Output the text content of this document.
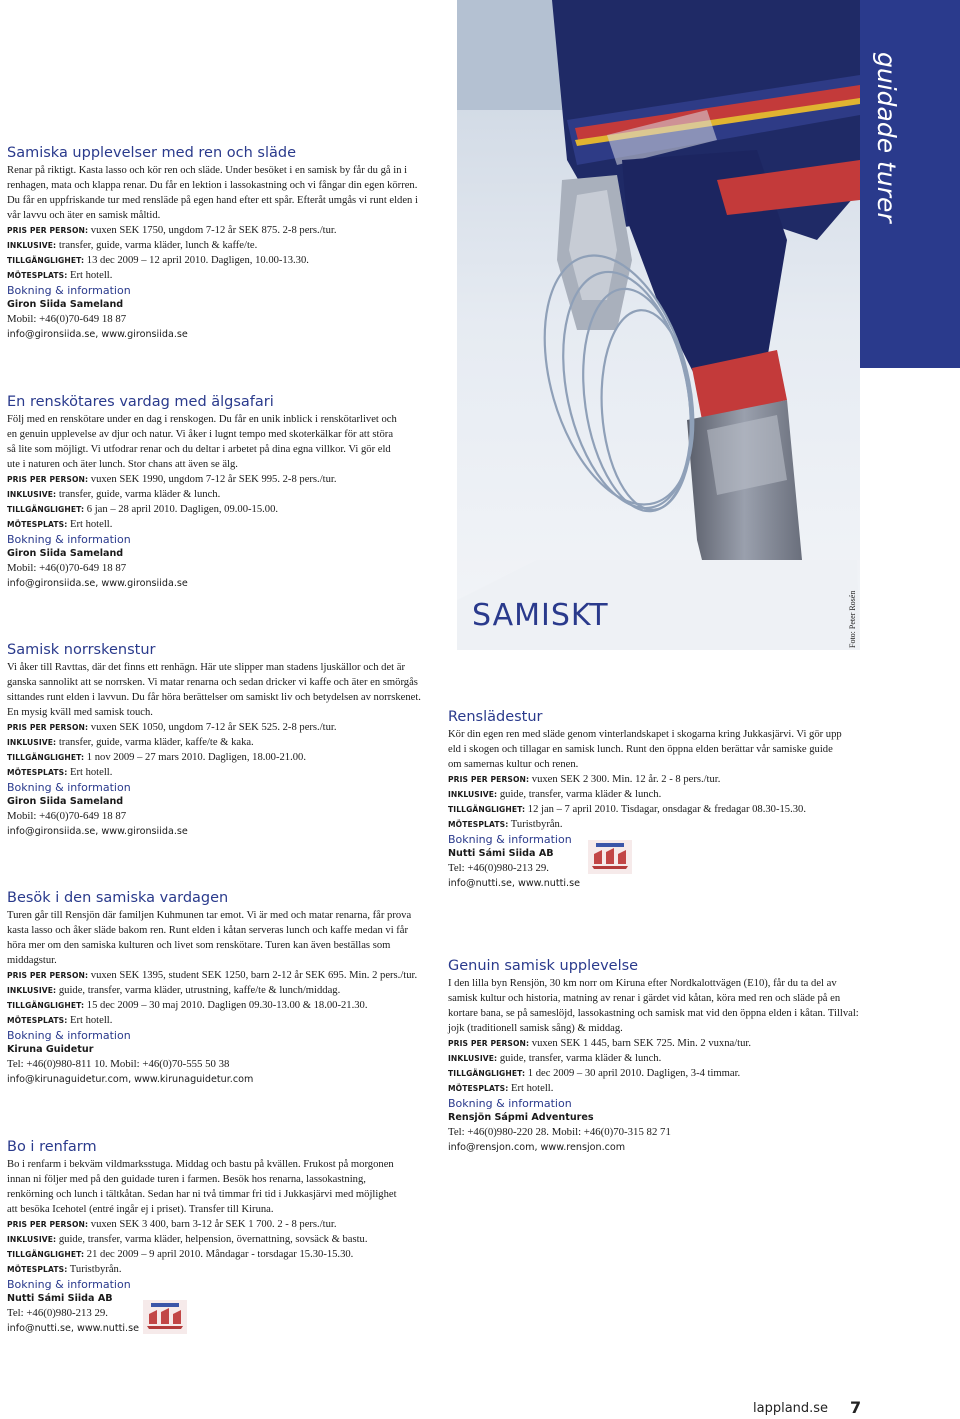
guidade turer
SAMISKT	Foto: Peter Rosén
Samiska upplevelser med ren och släde

Renar på riktigt. Kasta lasso och kör ren och släde. Under besöket i en samisk by får du gå in i renhagen, mata och klappa renar. Du får en lektion i lassokastning och vi fångar din egen körren. Du får en uppfriskande tur med rensläde på egen hand efter ett spår. Efteråt umgås vi runt elden i vår lavvu och äter en samisk måltid.

PRIS PER PERSON: vuxen SEK 1750, ungdom 7-12 år SEK 875. 2-8 pers./tur.

INKLUSIVE: transfer, guide, varma kläder, lunch & kaffe/te.

TILLGÄNGLIGHET: 13 dec 2009 – 12 april 2010. Dagligen, 10.00-13.30.

MÖTESPLATS: Ert hotell.

Bokning & information

Giron Siida Sameland

Mobil: +46(0)70-649 18 87

info@gironsiida.se, www.gironsiida.se

En renskötares vardag med älgsafari

Följ med en renskötare under en dag i renskogen. Du får en unik inblick i renskötarlivet och en genuin upplevelse av djur och natur. Vi åker i lugnt tempo med skoterkälkar för att störa så lite som möjligt. Vi utfodrar renar och du deltar i arbetet på dina egna villkor. Vi gör eld ute i naturen och äter lunch. Stor chans att även se älg.

PRIS PER PERSON: vuxen SEK 1990, ungdom 7-12 år SEK 995. 2-8 pers./tur.

INKLUSIVE: transfer, guide, varma kläder & lunch.

TILLGÄNGLIGHET: 6 jan – 28 april 2010. Dagligen, 09.00-15.00.

MÖTESPLATS: Ert hotell.

Bokning & information

Giron Siida Sameland

Mobil: +46(0)70-649 18 87

info@gironsiida.se, www.gironsiida.se

Samisk norrskenstur

Vi åker till Ravttas, där det finns ett renhägn. Här ute slipper man stadens ljuskällor och det är ganska sannolikt att se norrsken. Vi matar renarna och sedan dricker vi kaffe och äter en smörgås sittandes runt elden i lavvun. Du får höra berättelser om samiskt liv och betydelsen av norrskenet. En mysig kväll med samisk touch.

PRIS PER PERSON: vuxen SEK 1050, ungdom 7-12 år SEK 525. 2-8 pers./tur.

INKLUSIVE: transfer, guide, varma kläder, kaffe/te & kaka.

TILLGÄNGLIGHET: 1 nov 2009 – 27 mars 2010. Dagligen, 18.00-21.00.

MÖTESPLATS: Ert hotell.

Bokning & information

Giron Siida Sameland

Mobil: +46(0)70-649 18 87

info@gironsiida.se, www.gironsiida.se

Besök i den samiska vardagen

Turen går till Rensjön där familjen Kuhmunen tar emot. Vi är med och matar renarna, får prova kasta lasso och åker släde bakom ren. Runt elden i kåtan serveras lunch och kaffe medan vi får höra mer om den samiska kulturen och livet som renskötare. Turen kan även beställas som middagstur.

PRIS PER PERSON: vuxen SEK 1395, student SEK 1250, barn 2-12 år SEK 695. Min. 2 pers./tur.

INKLUSIVE: guide, transfer, varma kläder, utrustning, kaffe/te & lunch/middag.

TILLGÄNGLIGHET: 15 dec 2009 – 30 maj 2010. Dagligen 09.30-13.00 & 18.00-21.30.

MÖTESPLATS: Ert hotell.

Bokning & information

Kiruna Guidetur

Tel: +46(0)980-811 10. Mobil: +46(0)70-555 50 38

info@kirunaguidetur.com, www.kirunaguidetur.com

Bo i renfarm

Bo i renfarm i bekväm vildmarksstuga. Middag och bastu på kvällen. Frukost på morgonen innan ni följer med på den guidade turen i farmen. Besök hos renarna, lassokastning, renkörning och lunch i tältkåtan. Sedan har ni två timmar fri tid i Jukkasjärvi med möjlighet att besöka Icehotel (entré ingår ej i priset). Transfer till Kiruna.

PRIS PER PERSON: vuxen SEK 3 400, barn 3-12 år SEK 1 700. 2 - 8 pers./tur.

INKLUSIVE: guide, transfer, varma kläder, helpension, övernattning, sovsäck & bastu.

TILLGÄNGLIGHET: 21 dec 2009 – 9 april 2010. Måndagar - torsdagar 15.30-15.30.

MÖTESPLATS: Turistbyrån.

Bokning & information

Nutti Sámi Siida AB

Tel: +46(0)980-213 29.

info@nutti.se, www.nutti.se

Renslädestur

Kör din egen ren med släde genom vinterlandskapet i skogarna kring Jukkasjärvi. Vi gör upp eld i skogen och tillagar en samisk lunch. Runt den öppna elden berättar vår samiske guide om samernas kultur och renen.

PRIS PER PERSON: vuxen SEK 2 300. Min. 12 år. 2 - 8 pers./tur.

INKLUSIVE: guide, transfer, varma kläder & lunch.

TILLGÄNGLIGHET: 12 jan – 7 april 2010. Tisdagar, onsdagar & fredagar 08.30-15.30.

MÖTESPLATS: Turistbyrån.

Bokning & information

Nutti Sámi Siida AB

Tel: +46(0)980-213 29.

info@nutti.se, www.nutti.se

Genuin samisk upplevelse

I den lilla byn Rensjön, 30 km norr om Kiruna efter Nordkalottvägen (E10), får du ta del av samisk kultur och historia, matning av renar i gärdet vid kåtan, köra med ren och släde på en kortare bana, se på sameslöjd, lassokastning och samisk mat vid den öppna elden i kåtan. Tillval: jojk (traditionell samisk sång) & middag.

PRIS PER PERSON: vuxen SEK 1 445, barn SEK 725. Min. 2 vuxna/tur.

INKLUSIVE: guide, transfer, varma kläder & lunch.

TILLGÄNGLIGHET: 1 dec 2009 – 30 april 2010. Dagligen, 3-4 timmar.

MÖTESPLATS: Ert hotell.

Bokning & information

Rensjön Sápmi Adventures

Tel: +46(0)980-220 28. Mobil: +46(0)70-315 82 71

info@rensjon.com, www.rensjon.com

lappland.se 7
